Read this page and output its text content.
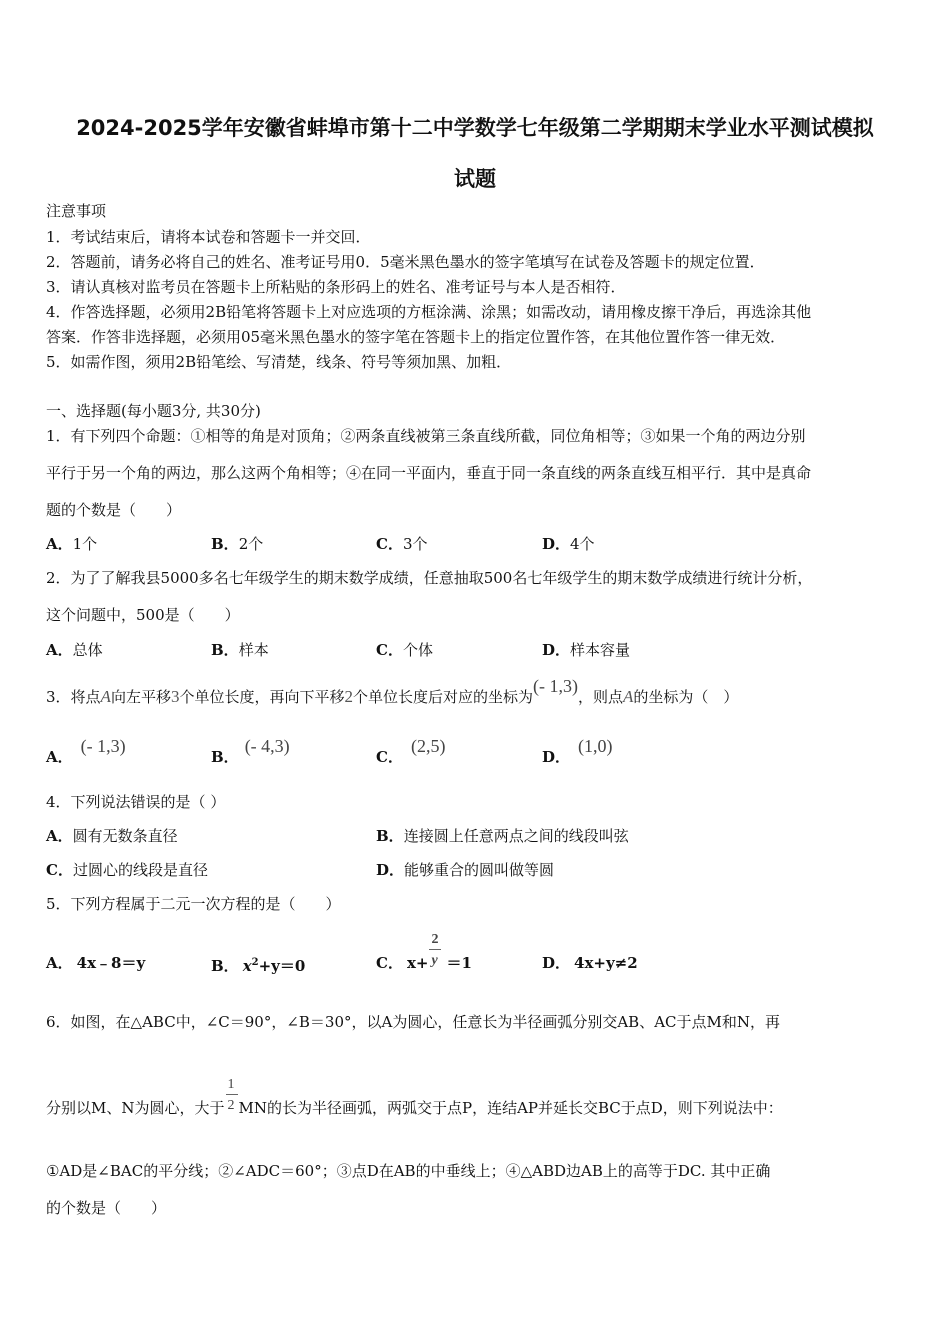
2024-2025学年安徽省蚌埠市第十二中学数学七年级第二学期期末学业水平测试模拟
试题
注意事项
1．考试结束后，请将本试卷和答题卡一并交回．
2．答题前，请务必将自己的姓名、准考证号用0．5毫米黑色墨水的签字笔填写在试卷及答题卡的规定位置．
3．请认真核对监考员在答题卡上所粘贴的条形码上的姓名、准考证号与本人是否相符．
4．作答选择题，必须用2B铅笔将答题卡上对应选项的方框涂满、涂黑；如需改动，请用橡皮擦干净后，再选涂其他
答案．作答非选择题，必须用05毫米黑色墨水的签字笔在答题卡上的指定位置作答，在其他位置作答一律无效．
5．如需作图，须用2B铅笔绘、写清楚，线条、符号等须加黑、加粗．
一、选择题(每小题3分, 共30分)
1．有下列四个命题：①相等的角是对顶角；②两条直线被第三条直线所截，同位角相等；③如果一个角的两边分别
平行于另一个角的两边，那么这两个角相等；④在同一平面内，垂直于同一条直线的两条直线互相平行．其中是真命
题的个数是（　　）
A．1个	B．2个	C．3个	D．4个
2．为了了解我县5000多名七年级学生的期末数学成绩，任意抽取500名七年级学生的期末数学成绩进行统计分析，
这个问题中，500是（　　）
A．总体	B．样本	C．个体	D．样本容量
3．将点A向左平移3个单位长度，再向下平移2个单位长度后对应的坐标为(- 1,3)，则点A的坐标为（　）
A．(- 1,3)
B．(- 4,3)
C．(2,5)
D．(1,0)
4．下列说法错误的是（ ）
A．圆有无数条直径	B．连接圆上任意两点之间的线段叫弦
C．过圆心的线段是直径	D．能够重合的圆叫做等圆
5．下列方程属于二元一次方程的是（　　）
A． 4x﹣8＝y	B． $x^2+y=0$	C． $x+ \frac{2}{y} =1$	D． 4x+y≠2
6．如图，在△ABC中，∠C＝90°，∠B＝30°，以A为圆心，任意长为半径画弧分别交AB、AC于点M和N，再
分别以M、N为圆心，大于 $\frac{1}{2}$ MN的长为半径画弧，两弧交于点P，连结AP并延长交BC于点D，则下列说法中：
①AD是∠BAC的平分线；②∠ADC＝60°；③点D在AB的中垂线上；④△ABD边AB上的高等于DC. 其中正确
的个数是（　　）
